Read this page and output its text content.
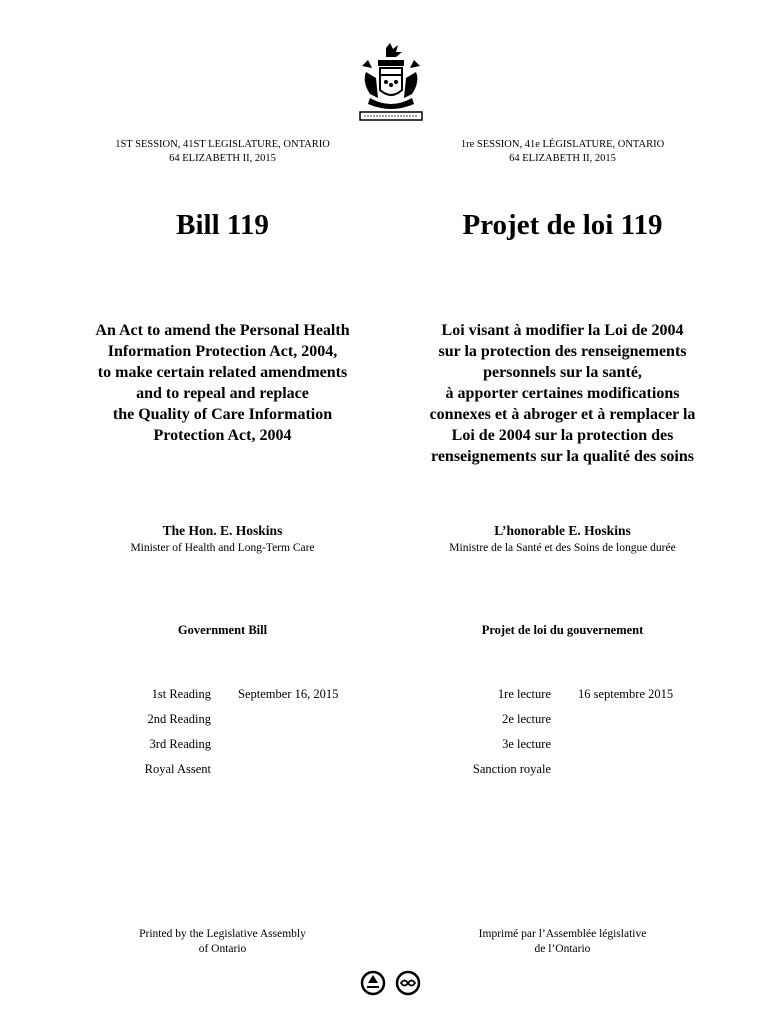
1ST SESSION, 41ST LEGISLATURE, ONTARIO
64 ELIZABETH II, 2015
1re SESSION, 41e LÉGISLATURE, ONTARIO
64 ELIZABETH II, 2015
Bill 119	Projet de loi 119
An Act to amend the Personal Health
Information Protection Act, 2004,
to make certain related amendments
and to repeal and replace
the Quality of Care Information
Protection Act, 2004
Loi visant à modifier la Loi de 2004
sur la protection des renseignements
personnels sur la santé,
à apporter certaines modifications
connexes et à abroger et à remplacer la
Loi de 2004 sur la protection des
renseignements sur la qualité des soins
The Hon. E. Hoskins
Minister of Health and Long-Term Care
L’honorable E. Hoskins
Ministre de la Santé et des Soins de longue durée
Government Bill	Projet de loi du gouvernement
1st Reading September 16, 2015
2nd Reading
3rd Reading
Royal Assent
1re lecture 16 septembre 2015
2e lecture
3e lecture
Sanction royale
Printed by the Legislative Assembly
of Ontario
Imprimé par l’Assemblée législative
de l’Ontario
